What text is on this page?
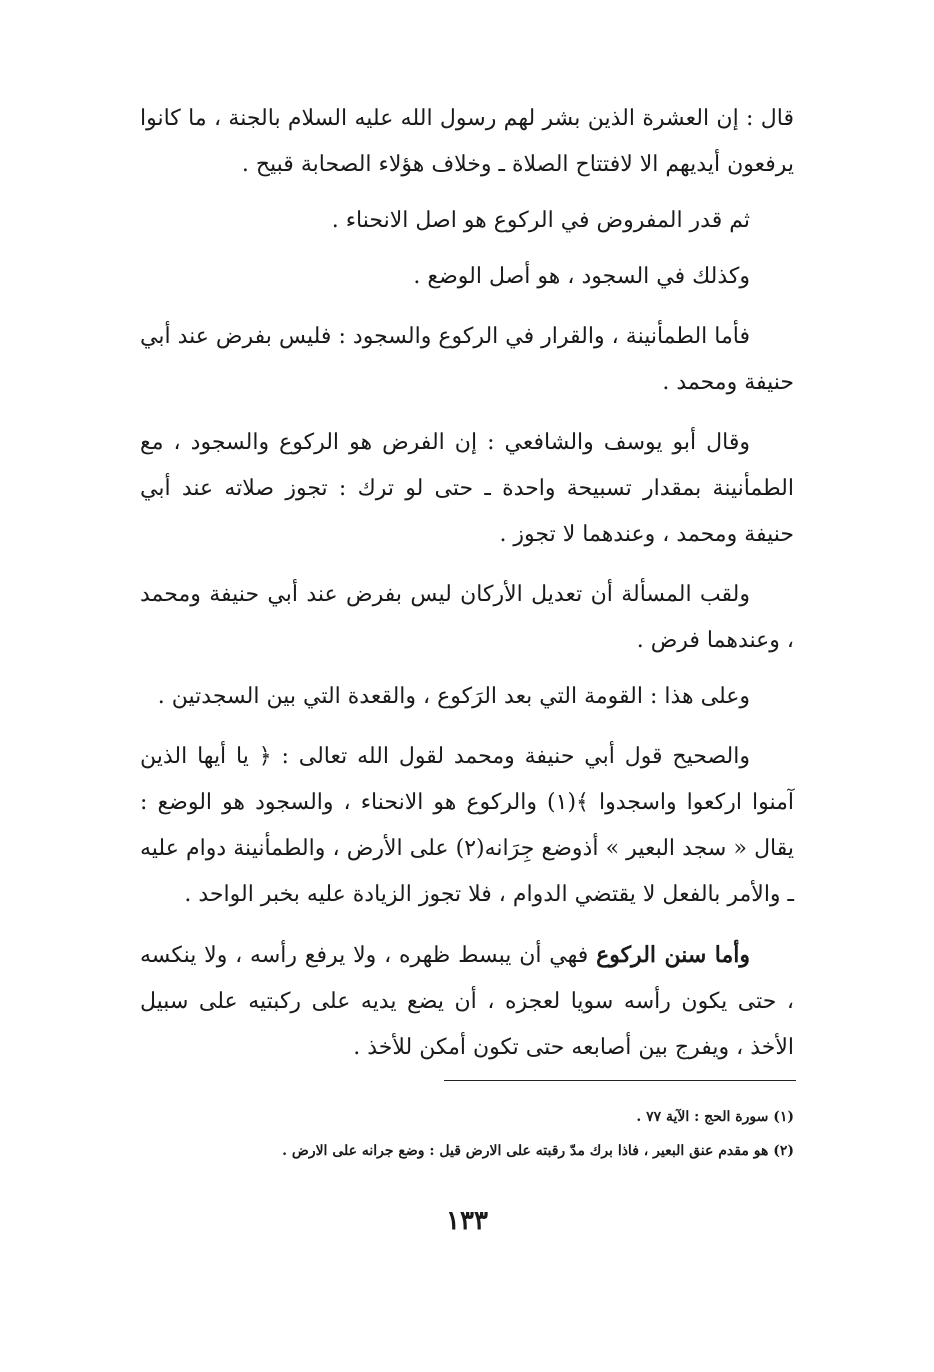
قال : إن العشرة الذين بشر لهم رسول الله عليه السلام بالجنة ، ما كانوا يرفعون أيديهم الا لافتتاح الصلاة ـ وخلاف هؤلاء الصحابة قبيح .

ثم قدر المفروض في الركوع هو اصل الانحناء .

وكذلك في السجود ، هو أصل الوضع .

فأما الطمأنينة ، والقرار في الركوع والسجود : فليس بفرض عند أبي حنيفة ومحمد .

وقال أبو يوسف والشافعي : إن الفرض هو الركوع والسجود ، مع الطمأنينة بمقدار تسبيحة واحدة ـ حتى لو ترك : تجوز صلاته عند أبي حنيفة ومحمد ، وعندهما لا تجوز .

ولقب المسألة أن تعديل الأركان ليس بفرض عند أبي حنيفة ومحمد ، وعندهما فرض .

وعلى هذا : القومة التي بعد الرَكوع ، والقعدة التي بين السجدتين .

والصحيح قول أبي حنيفة ومحمد لقول الله تعالى : ﴿ يا أيها الذين آمنوا اركعوا واسجدوا ﴾(١) والركوع هو الانحناء ، والسجود هو الوضع : يقال « سجد البعير » أذوضع جِرَانه(٢) على الأرض ، والطمأنينة دوام عليه ـ والأمر بالفعل لا يقتضي الدوام ، فلا تجوز الزيادة عليه بخبر الواحد .

وأما سنن الركوع فهي أن يبسط ظهره ، ولا يرفع رأسه ، ولا ينكسه ، حتى يكون رأسه سويا لعجزه ، أن يضع يديه على ركبتيه على سبيل الأخذ ، ويفرج بين أصابعه حتى تكون أمكن للأخذ .

(١) سورة الحج : الآية ٧٧ .

(٢) هو مقدم عنق البعير ، فاذا برك مدّ رقبته على الارض قيل : وضع جرانه على الارض .

١٣٣
